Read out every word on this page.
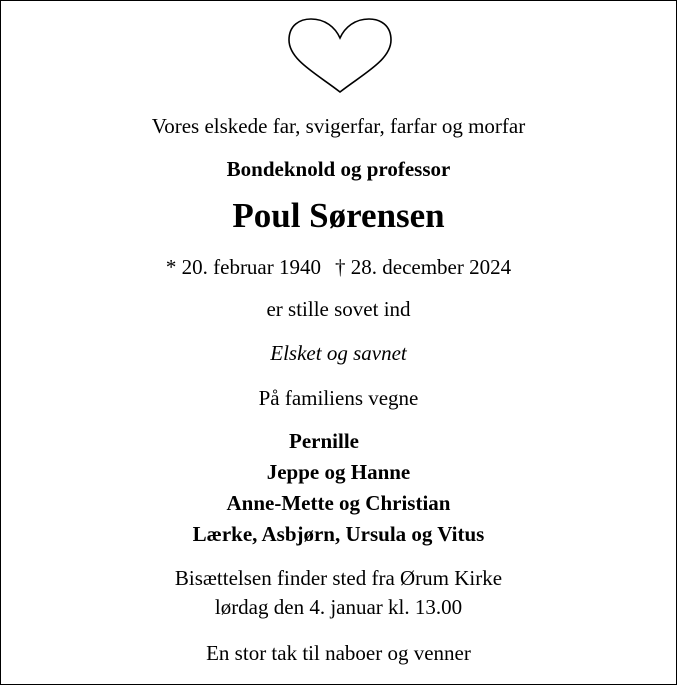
Vores elskede far, svigerfar, farfar og morfar
Bondeknold og professor
Poul Sørensen
* 20. februar 1940 † 28. december 2024
er stille sovet ind
Elsket og savnet
På familiens vegne
Pernille
Jeppe og Hanne
Anne-Mette og Christian
Lærke, Asbjørn, Ursula og Vitus
Bisættelsen finder sted fra Ørum Kirke
lørdag den 4. januar kl. 13.00
En stor tak til naboer og venner
